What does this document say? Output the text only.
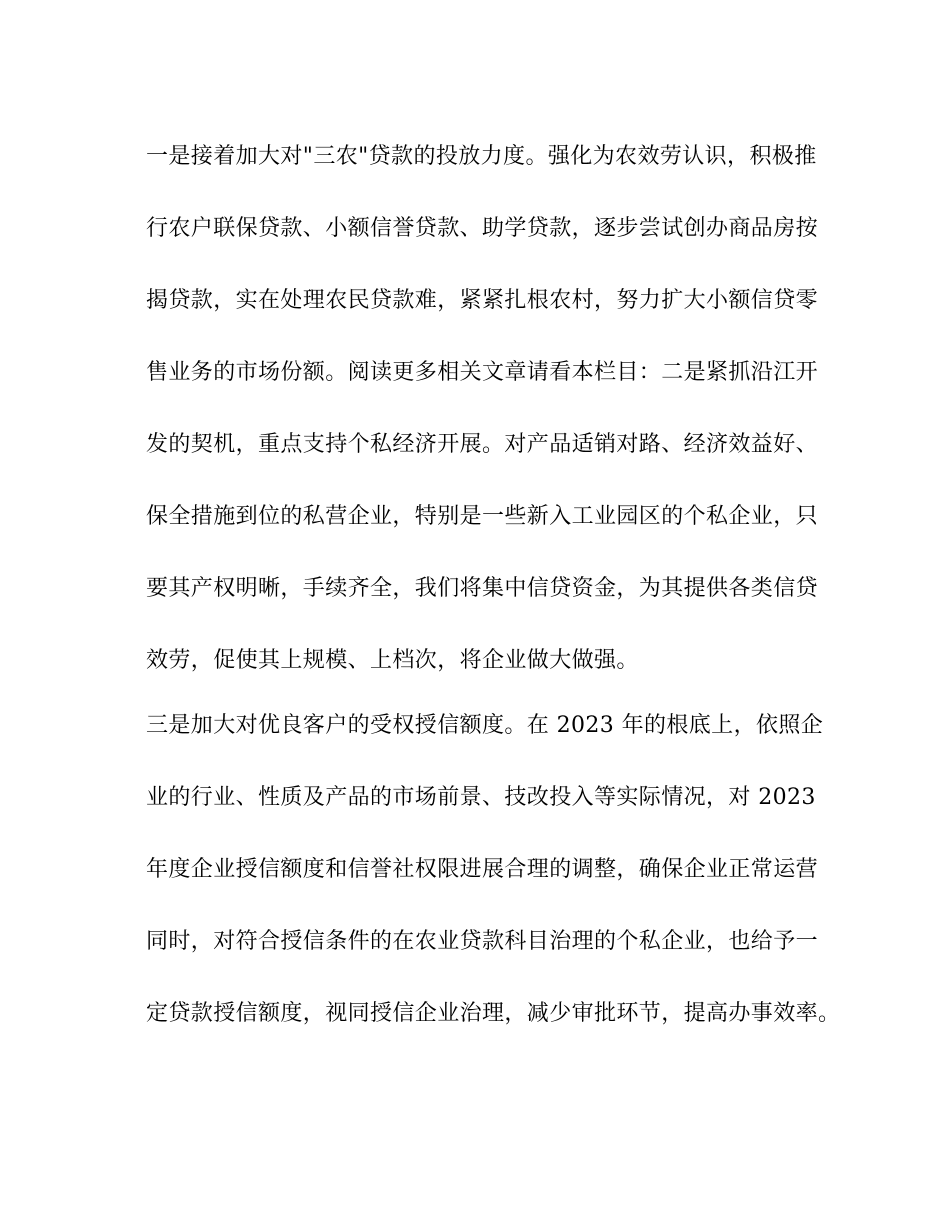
一是接着加大对"三农"贷款的投放力度。强化为农效劳认识，积极推
行农户联保贷款、小额信誉贷款、助学贷款，逐步尝试创办商品房按
揭贷款，实在处理农民贷款难，紧紧扎根农村，努力扩大小额信贷零
售业务的市场份额。阅读更多相关文章请看本栏目：二是紧抓沿江开
发的契机，重点支持个私经济开展。对产品适销对路、经济效益好、
保全措施到位的私营企业，特别是一些新入工业园区的个私企业，只
要其产权明晰，手续齐全，我们将集中信贷资金，为其提供各类信贷
效劳，促使其上规模、上档次，将企业做大做强。
三是加大对优良客户的受权授信额度。在 2023 年的根底上，依照企
业的行业、性质及产品的市场前景、技改投入等实际情况，对 2023
年度企业授信额度和信誉社权限进展合理的调整，确保企业正常运营
同时，对符合授信条件的在农业贷款科目治理的个私企业，也给予一
定贷款授信额度，视同授信企业治理，减少审批环节，提高办事效率。
